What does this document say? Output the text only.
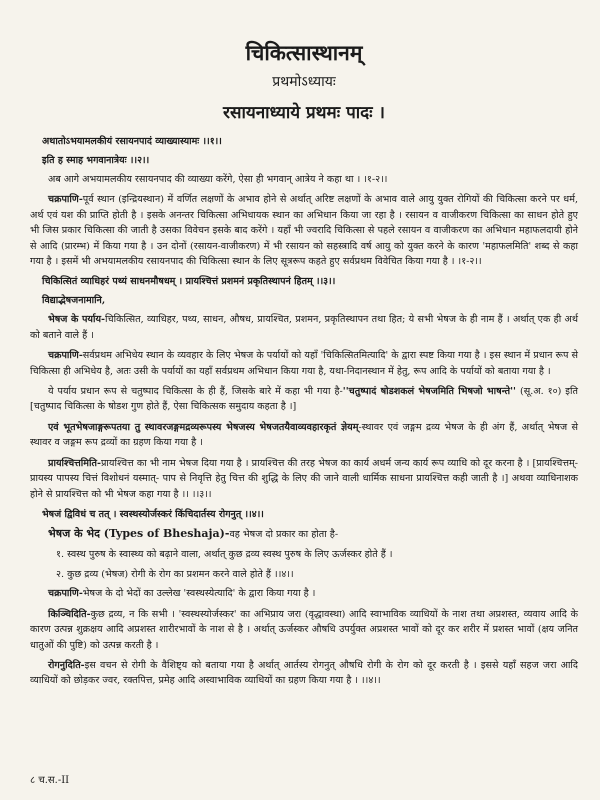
चिकित्सास्थानम्
प्रथमोऽध्यायः
रसायनाध्याये प्रथमः पादः ।
अथातोऽभयामलकीयं रसायनपादं व्याख्यास्यामः ।।१।।
इति ह स्माह भगवानात्रेयः ।।२।।

अब आगे अभयामलकीय रसायनपाद की व्याख्या करेंगे, ऐसा ही भगवान् आत्रेय ने कहा था । ।१-२।।

चक्रपाणि-पूर्व स्थान (इन्द्रियस्थान) में वर्णित लक्षणों के अभाव होने से अर्थात् अरिष्ट लक्षणों के अभाव वाले आयु युक्त रोगियों की चिकित्सा करने पर धर्म, अर्थ एवं यश की प्राप्ति होती है । इसके अनन्तर चिकित्सा अभिधायक स्थान का अभिधान किया जा रहा है । रसायन व वाजीकरण चिकित्सा का साधन होते हुए भी जिस प्रकार चिकित्सा की जाती है उसका विवेचन इसके बाद करेंगे । यहाँ भी ज्वरादि चिकित्सा से पहले रसायन व वाजीकरण का अभिधान महाफलदायी होने से आदि (प्रारम्भ) में किया गया है । उन दोनों (रसायन-वाजीकरण) में भी रसायन को सहस्त्रादि वर्ष आयु को युक्त करने के कारण 'महाफलमिति' शब्द से कहा गया है । इसमें भी अभयामलकीय रसायनपाद की चिकित्सा स्थान के लिए सूत्ररूप कहते हुए सर्वप्रथम विवेचित किया गया है । ।१-२।।

चिकित्सितं व्याधिहरं पथ्यं साधनमौषधम् । प्रायश्चित्तं प्रशमनं प्रकृतिस्थापनं हितम् ।।३।।
विद्याद्भेषजनामानि,

भेषज के पर्याय-चिकित्सित, व्याधिहर, पथ्य, साधन, औषध, प्रायश्चित, प्रशमन, प्रकृतिस्थापन तथा हित; ये सभी भेषज के ही नाम हैं । अर्थात् एक ही अर्थ को बताने वाले हैं ।

चक्रपाणि-सर्वप्रथम अभिधेय स्थान के व्यवहार के लिए भेषज के पर्यायों को यहाँ 'चिकित्सितमित्यादि' के द्वारा स्पष्ट किया गया है । इस स्थान में प्रधान रूप से चिकित्सा ही अभिधेय है, अतः उसी के पर्यायों का यहाँ सर्वप्रथम अभिधान किया गया है, यथा-निदानस्थान में हेतु, रूप आदि के पर्यायों को बताया गया है ।

ये पर्याय प्रधान रूप से चतुष्पाद चिकित्सा के ही हैं, जिसके बारे में कहा भी गया है-''चतुष्पादं षोडशकलं भेषजमिति भिषजो भाषन्ते'' (सू.अ. १०) इति [चतुष्पाद चिकित्सा के षोडश गुण होते हैं, ऐसा चिकित्सक समुदाय कहता है ।]

एवं भूतभेषजाङ्गरूपतया तु स्थावरजङ्गमद्रव्यरूपस्य भेषजस्य भेषजतयैवाव्यवहारकृतं ज्ञेयम्-स्थावर एवं जङ्गम द्रव्य भेषज के ही अंग हैं, अर्थात् भेषज से स्थावर व जङ्गम रूप द्रव्यों का ग्रहण किया गया है ।

प्रायश्चित्तमिति-प्रायश्चित्त का भी नाम भेषज दिया गया है । प्रायश्चित्त की तरह भेषज का कार्य अधर्म जन्य कार्य रूप व्याधि को दूर करना है । [प्रायश्चित्तम्-प्रायस्य पापस्य चित्तं विशोधनं यस्मात्- पाप से निवृत्ति हेतु चित्त की शुद्धि के लिए की जाने वाली धार्मिक साधना प्रायश्चित्त कही जाती है ।] अथवा व्याधिनाशक होने से प्रायश्चित्त को भी भेषज कहा गया है ।। ।।३।।

भेषजं द्विविधं च तत् । स्वस्थस्योर्जस्करं किंचिदार्तस्य रोगनुत् ।।४।।

भेषज के भेद (Types of Bheshaja)-वह भेषज दो प्रकार का होता है-

१. स्वस्थ पुरुष के स्वास्थ्य को बढ़ाने वाला, अर्थात् कुछ द्रव्य स्वस्थ पुरुष के लिए ऊर्जस्कर होते हैं ।
२. कुछ द्रव्य (भेषज) रोगी के रोग का प्रशमन करने वाले होते हैं ।।४।।

चक्रपाणि-भेषज के दो भेदों का उल्लेख 'स्वस्थस्येत्यादि' के द्वारा किया गया है ।

किञ्चिदिति-कुछ द्रव्य, न कि सभी । 'स्वस्थस्योर्जस्कर' का अभिप्राय जरा (वृद्धावस्था) आदि स्वाभाविक व्याधियों के नाश तथा अप्रशस्त, व्यवाय आदि के कारण उत्पन्न शुक्रक्षय आदि अप्रशस्त शारीरभावों के नाश से है । अर्थात् ऊर्जस्कर औषधि उपर्युक्त अप्रशस्त भावों को दूर कर शरीर में प्रशस्त भावों (क्षय जनित धातुओं की पुष्टि) को उत्पन्न करती है ।

रोगनुदिति-इस वचन से रोगी के वैशिष्ट्य को बताया गया है अर्थात् आर्तस्य रोगनुत् औषधि रोगी के रोग को दूर करती है । इससे यहाँ सहज जरा आदि व्याधियों को छोड़कर ज्वर, रक्तपित्त, प्रमेह आदि अस्वाभाविक व्याधियों का ग्रहण किया गया है । ।।४।।

८ च.स.-II
